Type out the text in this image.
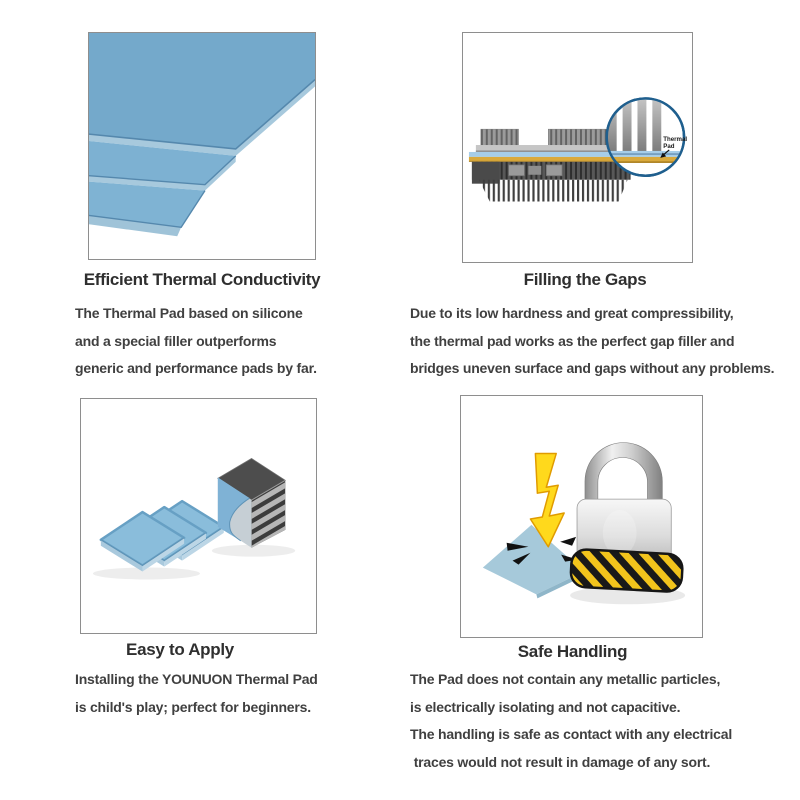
Efficient Thermal Conductivity

The Thermal Pad based on silicone

and a special filler outperforms

generic and performance pads by far.

Thermal
Pad
Filling the Gaps

Due to its low hardness and great compressibility,

the thermal pad works as the perfect gap filler and

bridges uneven surface and gaps without any problems.

Easy to Apply

Installing the YOUNUON Thermal Pad

is child's play; perfect for beginners.

Safe Handling

The Pad does not contain any metallic particles,

is electrically isolating and not capacitive.

The handling is safe as contact with any electrical

traces would not result in damage of any sort.
